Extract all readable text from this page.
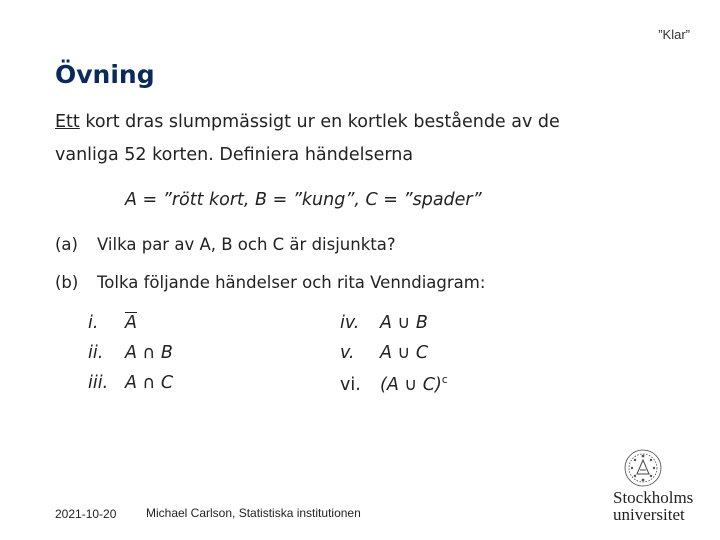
”Klar”
Övning
Ett kort dras slumpmässigt ur en kortlek bestående av de
vanliga 52 korten. Definiera händelserna
A = ”rött kort, B = ”kung”, C = ”spader”
(a) Vilka par av A, B och C är disjunkta?
(b) Tolka följande händelser och rita Venndiagram:
i. $\overline{A}$
ii. A ∩ B
iii. A ∩ C
iv. A ∪ B
v. A ∪ C
vi. (A ∪ C)$^c$
2021-10-20 Michael Carlson, Statistiska institutionen
Stockholms
universitet
